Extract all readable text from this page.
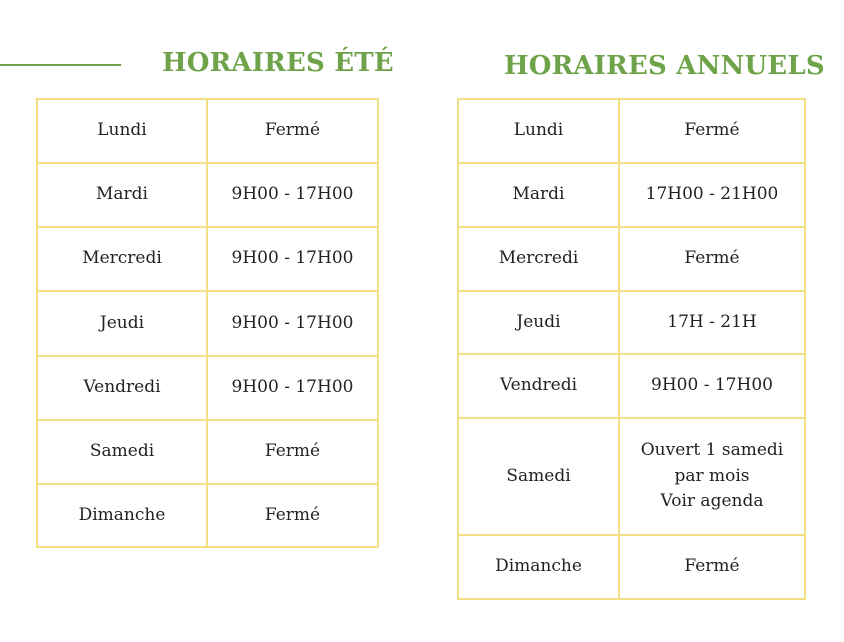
HORAIRES ÉTÉ	HORAIRES ANNUELS
Lundi	Fermé
Mardi	9H00 - 17H00
Mercredi	9H00 - 17H00
Jeudi	9H00 - 17H00
Vendredi	9H00 - 17H00
Samedi	Fermé
Dimanche	Fermé
Lundi	Fermé
Mardi	17H00 - 21H00
Mercredi	Fermé
Jeudi	17H - 21H
Vendredi	9H00 - 17H00
Samedi	Ouvert 1 samedi
par mois
Voir agenda

Dimanche	Fermé
